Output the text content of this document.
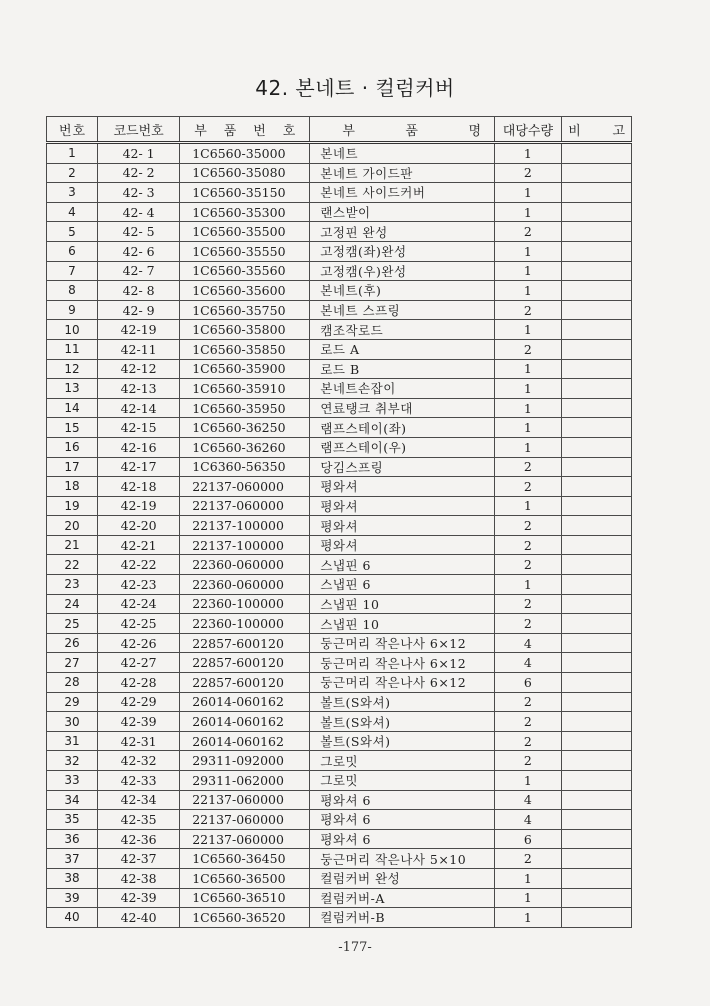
42. 본네트 · 컬럼커버
번 호	코드번호	부 품 번 호	부 품 명	대당수량	비 고

1	42- 1	1C6560-35000	본네트	1	
2	42- 2	1C6560-35080	본네트 가이드판	2	
3	42- 3	1C6560-35150	본네트 사이드커버	1	
4	42- 4	1C6560-35300	랜스받이	1	
5	42- 5	1C6560-35500	고정핀 완성	2	
6	42- 6	1C6560-35550	고정캠(좌)완성	1	
7	42- 7	1C6560-35560	고정캠(우)완성	1	
8	42- 8	1C6560-35600	본네트(후)	1	
9	42- 9	1C6560-35750	본네트 스프링	2	
10	42-19	1C6560-35800	캠조작로드	1	
11	42-11	1C6560-35850	로드 A	2	
12	42-12	1C6560-35900	로드 B	1	
13	42-13	1C6560-35910	본네트손잡이	1	
14	42-14	1C6560-35950	연료탱크 취부대	1	
15	42-15	1C6560-36250	램프스테이(좌)	1	
16	42-16	1C6560-36260	램프스테이(우)	1	
17	42-17	1C6360-56350	당김스프링	2	
18	42-18	22137-060000	평와셔	2	
19	42-19	22137-060000	평와셔	1	
20	42-20	22137-100000	평와셔	2	
21	42-21	22137-100000	평와셔	2	
22	42-22	22360-060000	스냅핀 6	2	
23	42-23	22360-060000	스냅핀 6	1	
24	42-24	22360-100000	스냅핀 10	2	
25	42-25	22360-100000	스냅핀 10	2	
26	42-26	22857-600120	둥근머리 작은나사 6×12	4	
27	42-27	22857-600120	둥근머리 작은나사 6×12	4	
28	42-28	22857-600120	둥근머리 작은나사 6×12	6	
29	42-29	26014-060162	볼트(S와셔)	2	
30	42-39	26014-060162	볼트(S와셔)	2	
31	42-31	26014-060162	볼트(S와셔)	2	
32	42-32	29311-092000	그로밋	2	
33	42-33	29311-062000	그로밋	1	
34	42-34	22137-060000	평와셔 6	4	
35	42-35	22137-060000	평와셔 6	4	
36	42-36	22137-060000	평와셔 6	6	
37	42-37	1C6560-36450	둥근머리 작은나사 5×10	2	
38	42-38	1C6560-36500	컬럼커버 완성	1	
39	42-39	1C6560-36510	컬럼커버-A	1	
40	42-40	1C6560-36520	컬럼커버-B	1	
-177-
